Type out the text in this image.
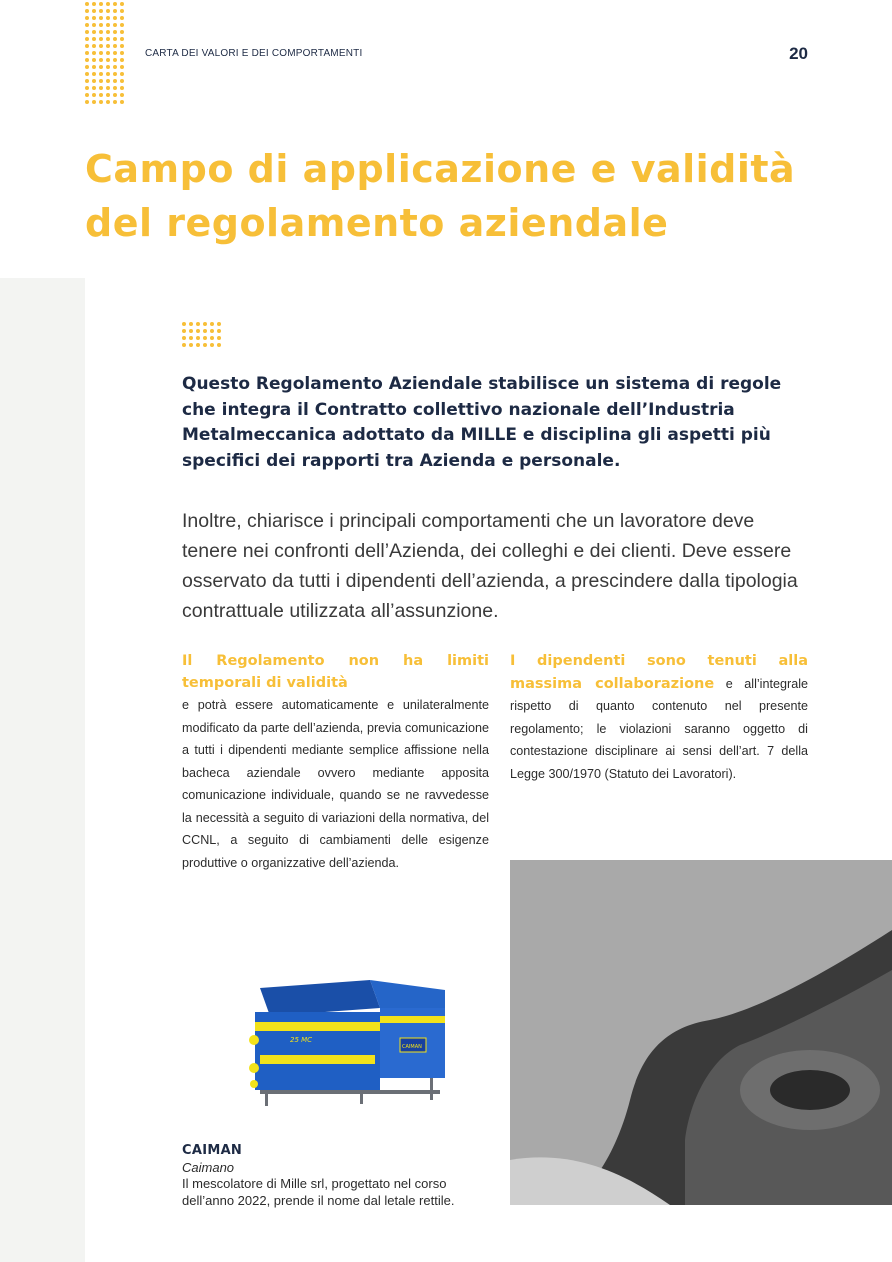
CARTA DEI VALORI E DEI COMPORTAMENTI	20
Campo di applicazione e validità del regolamento aziendale

Questo Regolamento Aziendale stabilisce un sistema di regole che integra il Contratto collettivo nazionale dell’Industria Metalmeccanica adottato da MILLE e disciplina gli aspetti più specifici dei rapporti tra Azienda e personale.

Inoltre, chiarisce i principali comportamenti che un lavoratore deve tenere nei confronti dell’Azienda, dei colleghi e dei clienti. Deve essere osservato da tutti i dipendenti dell’azienda, a prescindere dalla tipologia contrattuale utilizzata all’assunzione.

Il Regolamento non ha limiti temporali di validità
e potrà essere automaticamente e unilateralmente modificato da parte dell’azienda, previa comunicazione a tutti i dipendenti mediante semplice affissione nella bacheca aziendale ovvero mediante apposita comunicazione individuale, quando se ne ravvedesse la necessità a seguito di variazioni della normativa, del CCNL, a seguito di cambiamenti delle esigenze produttive o organizzative dell’azienda.
I dipendenti sono tenuti alla massima collaborazione e all’integrale rispetto di quanto contenuto nel presente regolamento; le violazioni saranno oggetto di contestazione disciplinare ai sensi dell’art. 7 della Legge 300/1970 (Statuto dei Lavoratori).
CAIMAN
25 MC
CAIMAN
Caimano
Il mescolatore di Mille srl, progettato nel corso dell’anno 2022, prende il nome dal letale rettile.
